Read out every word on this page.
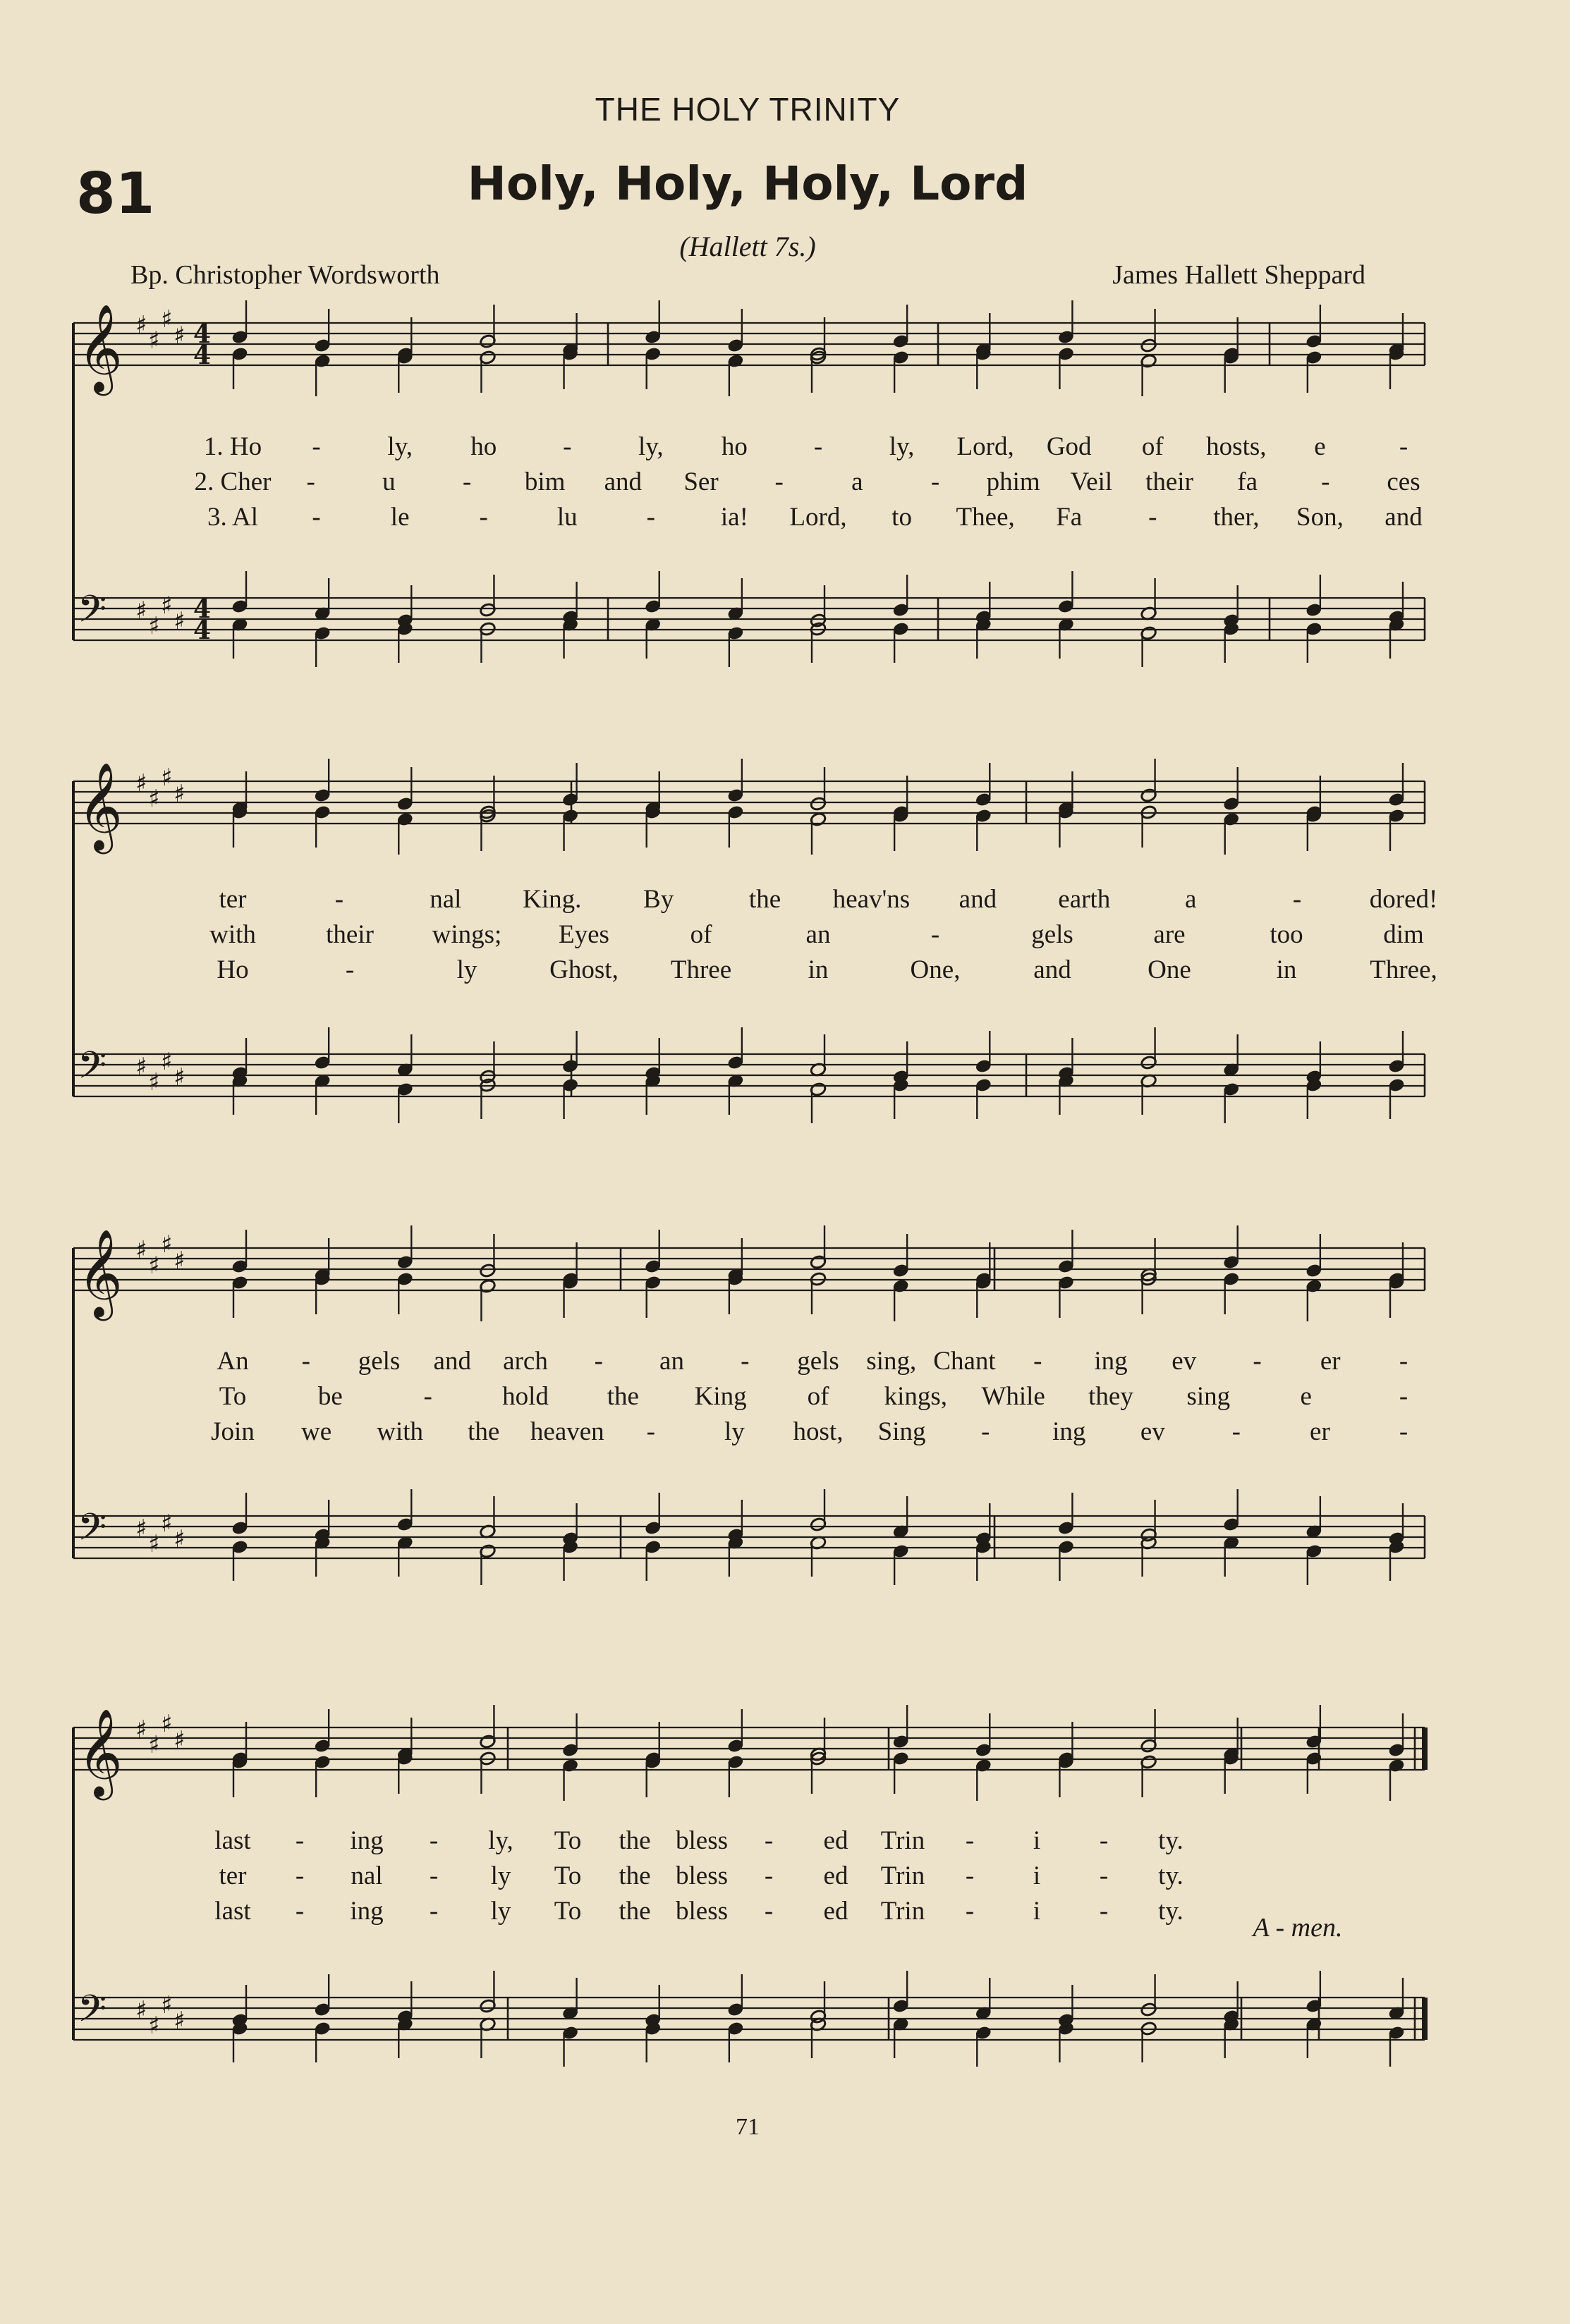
THE HOLY TRINITY
81	Holy, Holy, Holy, Lord
(Hallett 7s.)
Bp. Christopher Wordsworth	James Hallett Sheppard
𝄞 ♯
♯
♯
♯ 4
4
𝄢 ♯
♯
♯
♯ 4
4
𝄞 ♯
♯
♯
♯
𝄢 ♯
♯
♯
♯
𝄞 ♯
♯
♯
♯
𝄢 ♯
♯
♯
♯
𝄞 ♯
♯
♯
♯
𝄢 ♯
♯
♯
♯
1. Ho -	ly, ho	-	ly, ho	-	ly, Lord, God of hosts, e	-
2. Cher -	u	- bim and Ser -	a	- phim Veil their fa - ces
3. Al -	le	-	lu	-	ia! Lord, to Thee, Fa	- ther, Son, and
ter	-	nal King. By	the heav'ns and earth	a	-	dored!
with	their wings; Eyes	of	an	-	gels	are	too	dim
Ho	-	ly	Ghost, Three	in	One,	and	One	in	Three,
An - gels and arch - an - gels sing, Chant - ing ev - er -
To	be	-	hold the King of kings, While they sing	e	-
Join we with the heaven -	ly host, Sing - ing ev	-	er	-
last - ing - ly, To the bless - ed Trin - i - ty.
ter - nal - ly To the bless - ed Trin - i - ty.
last - ing - ly To the bless - ed Trin - i - ty.
A - men.
71
